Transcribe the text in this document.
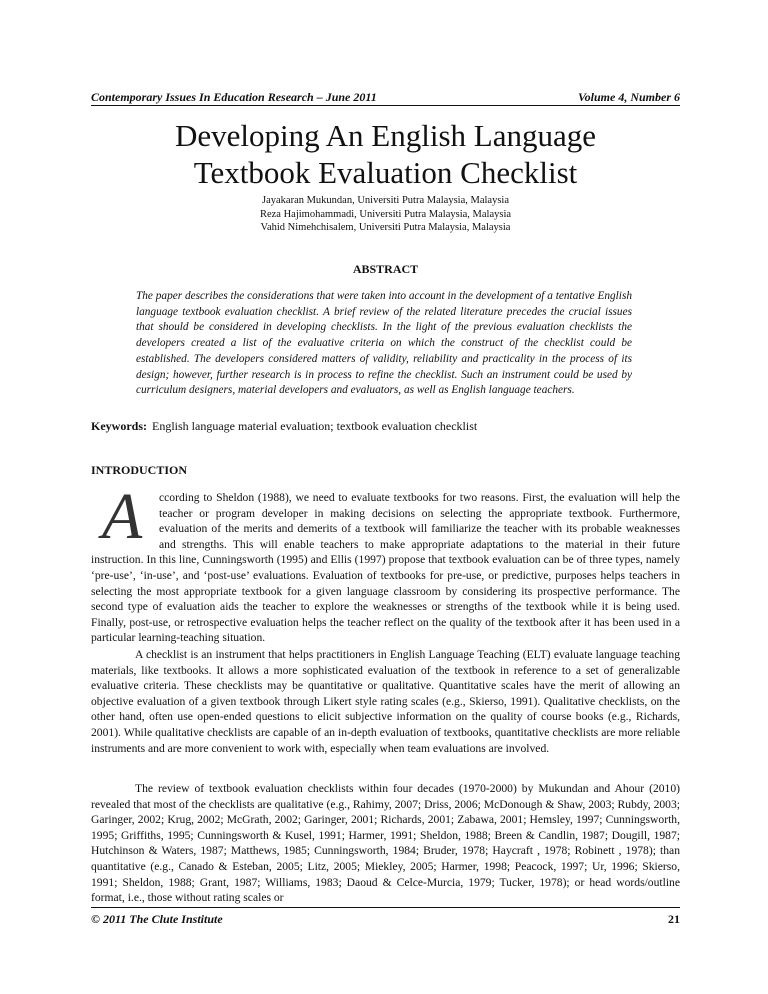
Contemporary Issues In Education Research – June 2011	Volume 4, Number 6
Developing An English Language
Textbook Evaluation Checklist
Jayakaran Mukundan, Universiti Putra Malaysia, Malaysia
Reza Hajimohammadi, Universiti Putra Malaysia, Malaysia
Vahid Nimehchisalem, Universiti Putra Malaysia, Malaysia
ABSTRACT

The paper describes the considerations that were taken into account in the development of a tentative English language textbook evaluation checklist. A brief review of the related literature precedes the crucial issues that should be considered in developing checklists. In the light of the previous evaluation checklists the developers created a list of the evaluative criteria on which the construct of the checklist could be established. The developers considered matters of validity, reliability and practicality in the process of its design; however, further research is in process to refine the checklist. Such an instrument could be used by curriculum designers, material developers and evaluators, as well as English language teachers.

Keywords: English language material evaluation; textbook evaluation checklist

INTRODUCTION

A	ccording to Sheldon (1988), we need to evaluate textbooks for two reasons. First, the evaluation will help the teacher or program developer in making decisions on selecting the appropriate textbook. Furthermore, evaluation of the merits and demerits of a textbook will familiarize the teacher with its probable weaknesses and strengths. This will enable teachers to make appropriate adaptations to the material in their future instruction. In this line, Cunningsworth (1995) and Ellis (1997) propose that textbook evaluation can be of three types, namely ‘pre-use’, ‘in-use’, and ‘post-use’ evaluations. Evaluation of textbooks for pre-use, or predictive, purposes helps teachers in selecting the most appropriate textbook for a given language classroom by considering its prospective performance. The second type of evaluation aids the teacher to explore the weaknesses or strengths of the textbook while it is being used. Finally, post-use, or retrospective evaluation helps the teacher reflect on the quality of the textbook after it has been used in a particular learning-teaching situation.

A checklist is an instrument that helps practitioners in English Language Teaching (ELT) evaluate language teaching materials, like textbooks. It allows a more sophisticated evaluation of the textbook in reference to a set of generalizable evaluative criteria. These checklists may be quantitative or qualitative. Quantitative scales have the merit of allowing an objective evaluation of a given textbook through Likert style rating scales (e.g., Skierso, 1991). Qualitative checklists, on the other hand, often use open-ended questions to elicit subjective information on the quality of course books (e.g., Richards, 2001). While qualitative checklists are capable of an in-depth evaluation of textbooks, quantitative checklists are more reliable instruments and are more convenient to work with, especially when team evaluations are involved.

The review of textbook evaluation checklists within four decades (1970-2000) by Mukundan and Ahour (2010) revealed that most of the checklists are qualitative (e.g., Rahimy, 2007; Driss, 2006; McDonough & Shaw, 2003; Rubdy, 2003; Garinger, 2002; Krug, 2002; McGrath, 2002; Garinger, 2001; Richards, 2001; Zabawa, 2001; Hemsley, 1997; Cunningsworth, 1995; Griffiths, 1995; Cunningsworth & Kusel, 1991; Harmer, 1991; Sheldon, 1988; Breen & Candlin, 1987; Dougill, 1987; Hutchinson & Waters, 1987; Matthews, 1985; Cunningsworth, 1984; Bruder, 1978; Haycraft , 1978; Robinett , 1978); than quantitative (e.g., Canado & Esteban, 2005; Litz, 2005; Miekley, 2005; Harmer, 1998; Peacock, 1997; Ur, 1996; Skierso, 1991; Sheldon, 1988; Grant, 1987; Williams, 1983; Daoud & Celce-Murcia, 1979; Tucker, 1978); or head words/outline format, i.e., those without rating scales or

© 2011 The Clute Institute	21
